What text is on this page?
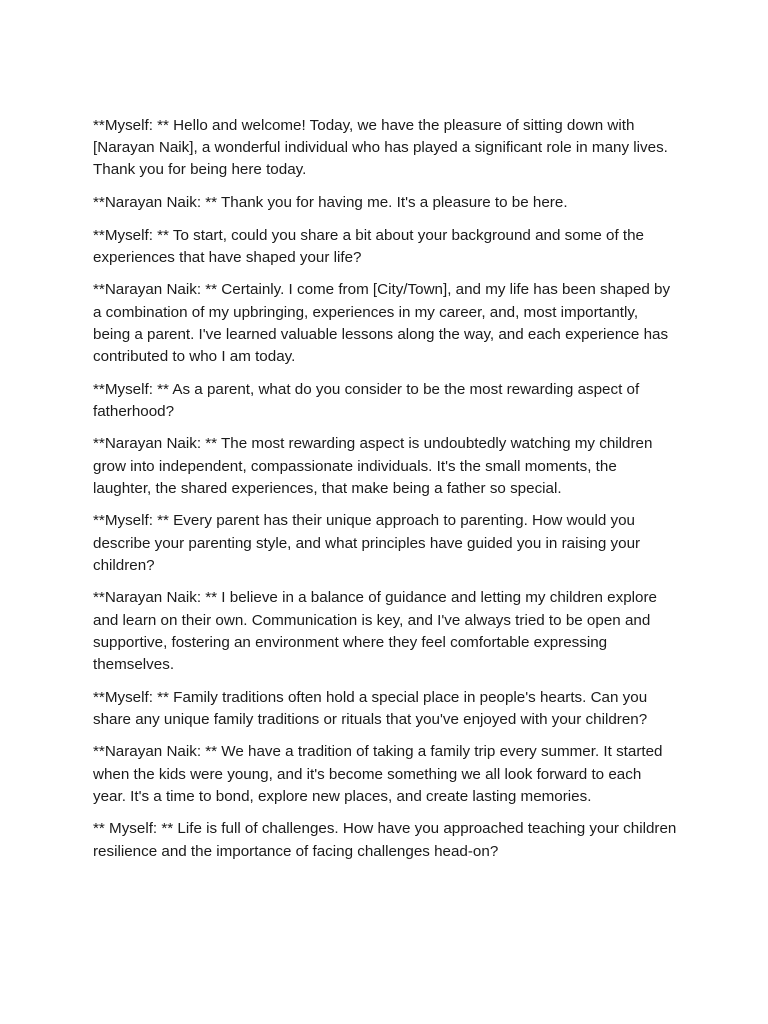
**Myself: ** Hello and welcome! Today, we have the pleasure of sitting down with [Narayan Naik], a wonderful individual who has played a significant role in many lives. Thank you for being here today.

**Narayan Naik: ** Thank you for having me. It's a pleasure to be here.

**Myself: ** To start, could you share a bit about your background and some of the experiences that have shaped your life?

**Narayan Naik: ** Certainly. I come from [City/Town], and my life has been shaped by a combination of my upbringing, experiences in my career, and, most importantly, being a parent. I've learned valuable lessons along the way, and each experience has contributed to who I am today.

**Myself: ** As a parent, what do you consider to be the most rewarding aspect of fatherhood?

**Narayan Naik: ** The most rewarding aspect is undoubtedly watching my children grow into independent, compassionate individuals. It's the small moments, the laughter, the shared experiences, that make being a father so special.

**Myself: ** Every parent has their unique approach to parenting. How would you describe your parenting style, and what principles have guided you in raising your children?

**Narayan Naik: ** I believe in a balance of guidance and letting my children explore and learn on their own. Communication is key, and I've always tried to be open and supportive, fostering an environment where they feel comfortable expressing themselves.

**Myself: ** Family traditions often hold a special place in people's hearts. Can you share any unique family traditions or rituals that you've enjoyed with your children?

**Narayan Naik: ** We have a tradition of taking a family trip every summer. It started when the kids were young, and it's become something we all look forward to each year. It's a time to bond, explore new places, and create lasting memories.

** Myself: ** Life is full of challenges. How have you approached teaching your children resilience and the importance of facing challenges head-on?
